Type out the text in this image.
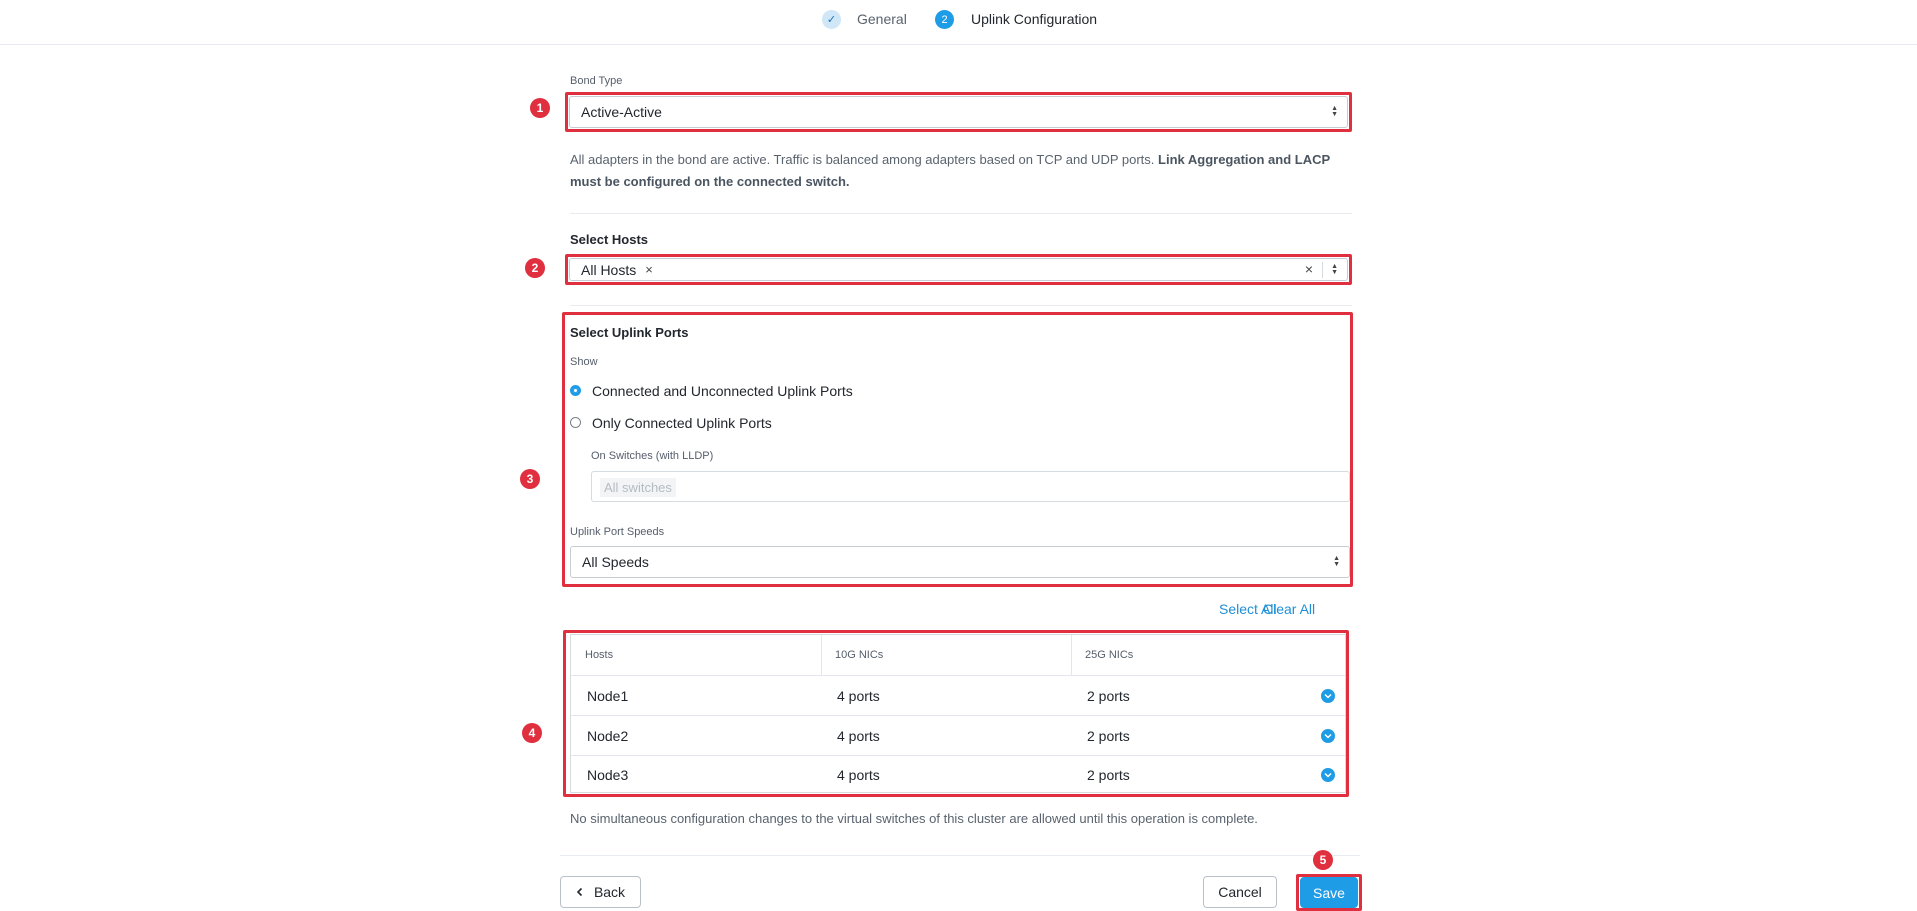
✓	General	2	Uplink Configuration
Bond Type
1	Active-Active	▲
▼
All adapters in the bond are active. Traffic is balanced among adapters based on TCP and UDP ports. Link Aggregation and LACP must be configured on the connected switch.
Select Hosts
2	All Hosts ×	×	▲
▼
3
Select Uplink Ports
Show
Connected and Unconnected Uplink Ports
Only Connected Uplink Ports
On Switches (with LLDP)
All switches
Uplink Port Speeds
All Speeds	▲
▼
Select All
Clear All
4
Hosts	10G NICs	25G NICs
Node1	4 ports	2 ports
Node2	4 ports	2 ports
Node3	4 ports	2 ports
No simultaneous configuration changes to the virtual switches of this cluster are allowed until this operation is complete.
Back	Cancel
5
Save
